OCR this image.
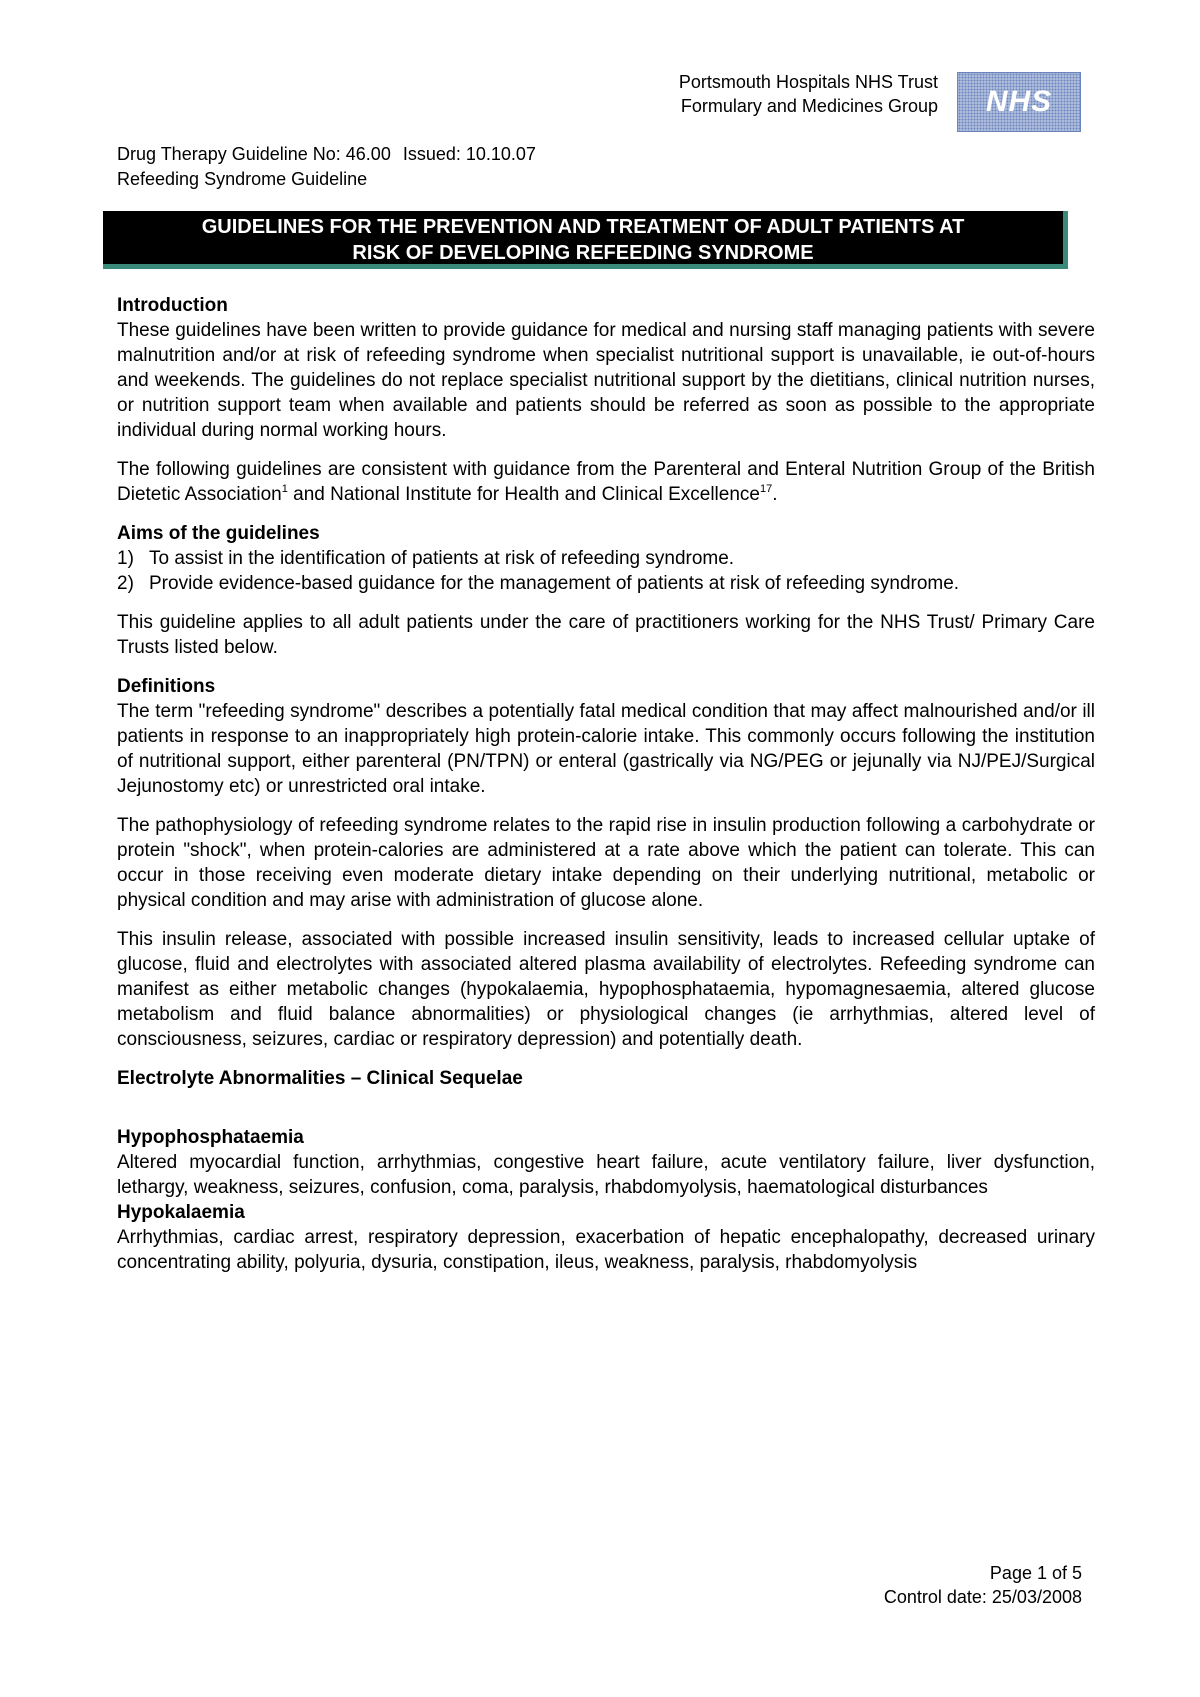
Portsmouth Hospitals NHS Trust
Formulary and Medicines Group NHS
Drug Therapy Guideline No: 46.00 Issued: 10.10.07
Refeeding Syndrome Guideline
GUIDELINES FOR THE PREVENTION AND TREATMENT OF ADULT PATIENTS AT
RISK OF DEVELOPING REFEEDING SYNDROME
Introduction

These guidelines have been written to provide guidance for medical and nursing staff managing patients with severe malnutrition and/or at risk of refeeding syndrome when specialist nutritional support is unavailable, ie out-of-hours and weekends. The guidelines do not replace specialist nutritional support by the dietitians, clinical nutrition nurses, or nutrition support team when available and patients should be referred as soon as possible to the appropriate individual during normal working hours.

The following guidelines are consistent with guidance from the Parenteral and Enteral Nutrition Group of the British Dietetic Association$^1$ and National Institute for Health and Clinical Excellence$^{17}$.

Aims of the guidelines
1) To assist in the identification of patients at risk of refeeding syndrome.
2) Provide evidence-based guidance for the management of patients at risk of refeeding syndrome.

This guideline applies to all adult patients under the care of practitioners working for the NHS Trust/ Primary Care Trusts listed below.

Definitions

The term "refeeding syndrome" describes a potentially fatal medical condition that may affect malnourished and/or ill patients in response to an inappropriately high protein-calorie intake. This commonly occurs following the institution of nutritional support, either parenteral (PN/TPN) or enteral (gastrically via NG/PEG or jejunally via NJ/PEJ/Surgical Jejunostomy etc) or unrestricted oral intake.

The pathophysiology of refeeding syndrome relates to the rapid rise in insulin production following a carbohydrate or protein "shock", when protein-calories are administered at a rate above which the patient can tolerate. This can occur in those receiving even moderate dietary intake depending on their underlying nutritional, metabolic or physical condition and may arise with administration of glucose alone.

This insulin release, associated with possible increased insulin sensitivity, leads to increased cellular uptake of glucose, fluid and electrolytes with associated altered plasma availability of electrolytes. Refeeding syndrome can manifest as either metabolic changes (hypokalaemia, hypophosphataemia, hypomagnesaemia, altered glucose metabolism and fluid balance abnormalities) or physiological changes (ie arrhythmias, altered level of consciousness, seizures, cardiac or respiratory depression) and potentially death.

Electrolyte Abnormalities – Clinical Sequelae
Hypophosphataemia

Altered myocardial function, arrhythmias, congestive heart failure, acute ventilatory failure, liver dysfunction, lethargy, weakness, seizures, confusion, coma, paralysis, rhabdomyolysis, haematological disturbances

Hypokalaemia

Arrhythmias, cardiac arrest, respiratory depression, exacerbation of hepatic encephalopathy, decreased urinary concentrating ability, polyuria, dysuria, constipation, ileus, weakness, paralysis, rhabdomyolysis

Page 1 of 5
Control date: 25/03/2008
